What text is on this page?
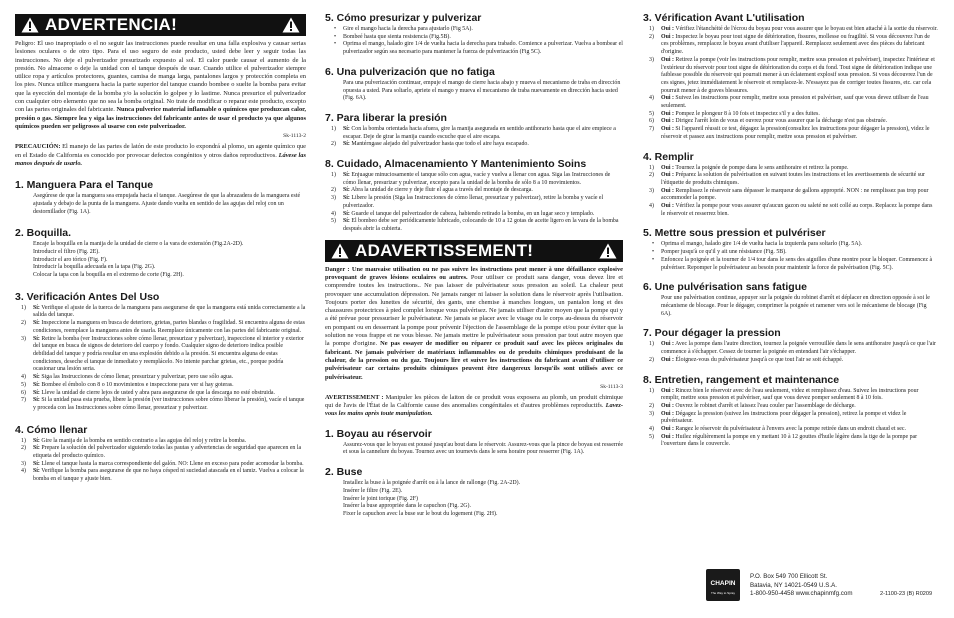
ADVERTENCIA!

Peligro: El uso inapropiado o el no seguir las instrucciones puede resultar en una falla explosiva y causar serias lesiones oculares o de otro tipo. Para el uso seguro de este producto, usted debe leer y seguir todas las instrucciones. No deje el pulverizador presurizado expuesto al sol. El calor puede causar el aumento de la presión. No almacene o deje la unidad con el tanque después de usar. Cuando utilice el pulverizador siempre utilice ropa y artículos protectores, guantes, camisa de manga larga, pantalones largos y protección completa en los pies. Nunca utilice manguera hacia la parte superior del tanque cuando bombee o suelte la bomba para evitar que la eyección del montaje de la bomba y/o la solución lo golpee y lo lastime. Nunca presurice el pulverizador con cualquier otro elemento que no sea la bomba original. No trate de modificar o reparar este producto, excepto con las partes originales del fabricante. Nunca pulverice material inflamable o químicos que produzcan calor, presión o gas. Siempre lea y siga las instrucciones del fabricante antes de usar el producto ya que algunos químicos pueden ser peligrosos al usarse con este pulverizador.

Sk-1113-2

PRECAUCIÓN: El manejo de las partes de latón de este producto lo expondrá al plomo, un agente químico que en el Estado de California es conocido por provocar defectos congénitos y otros daños reproductivos. Lávese las manos después de usarlo.

1. Manguera Para el Tanque

Asegúrese de que la manguera sea empujada hacia el tanque. Asegúrese de que la abrazadera de la manguera esté ajustada y debajo de la punta de la manguera. Ajuste dando vuelta en sentido de las agujas del reloj con un destornillador (Fig. 1A).

2. Boquilla.
Encaje la boquilla en la manija de la unidad de cierre o la vara de extensión (Fig.2A-2D).
Introducir el filtro (Fig. 2E).
Introducir el aro tórico (Fig. F).
Introducir la boquilla adecuada en la tapa (Fig. 2G).
Colocar la tapa con la boquilla en el extremo de corte (Fig. 2H).
3. Verificación Antes Del Uso
1) Sí: Verifique el ajuste de la tuerca de la manguera para asegurarse de que la manguera está unida correctamente a la salida del tanque.
2) Sí: Inspeccione la manguera en busca de deterioro, grietas, partes blandas o fragilidad. Si encuentra alguna de estas condiciones, reemplace la manguera antes de usarla. Reemplace únicamente con las partes del fabricante original.
3) Sí: Retire la bomba (ver Instrucciones sobre cómo llenar, presurizar y pulverizar), inspeccione el interior y exterior del tanque en busca de signos de deterioro del cuerpo y fondo. Cualquier signo de deterioro indica posible debilidad del tanque y podría resultar en una explosión debido a la presión. Si encuentra alguna de estas condiciones, deseche el tanque de inmediato y reemplácelo. No intente parchar grietas, etc., porque podría ocasionar una lesión seria.
4) Sí: Siga las Instrucciones de cómo llenar, presurizar y pulverizar, pero use sólo agua.
5) Sí: Bombee el émbolo con 8 o 10 movimientos e inspeccione para ver si hay goteras.
6) Sí: Lleve la unidad de cierre lejos de usted y abra para asegurarse de que la descarga no esté obstruida.
7) Sí: Si la unidad pasa esta prueba, libere la presión (ver instrucciones sobre cómo liberar la presión), vacíe el tanque y proceda con las Instrucciones sobre cómo llenar, presurizar y pulverizar.
4. Cómo llenar
1) Sí: Gire la manija de la bomba en sentido contrario a las agujas del reloj y retire la bomba.
2) Sí: Prepare la solución del pulverizador siguiendo todas las pautas y advertencias de seguridad que aparecen en la etiqueta del producto químico.
3) Sí: Llene el tanque hasta la marca correspondiente del galón. NO: Llene en exceso para poder acomodar la bomba.
4) Sí: Verifique la bomba para asegurarse de que no haya césped ni suciedad atascada en el tamiz. Vuelva a colocar la bomba en el tanque y ajuste bien.
5. Cómo presurizar y pulverizar
• Gire el mango hacia la derecha para ajustarlo (Fig 5A).
• Bombeé hasta que sienta resistencia (Fig.5B).
• Oprima el mango, halado gire 1/4 de vuelta hacia la derecha para trabado. Comience a pulverizar. Vuelva a bombear el pulverizador según sea necesario para mantener la fuerza de pulverización (Fig 5C).
6. Una pulverización que no fatiga

Para una pulverización continuar, empuje el mango de cierre hacia abajo y mueva el mecanismo de traba en dirección opuesta a usted. Para soltarlo, apriete el mango y mueva el mecanismo de traba nuevamente en dirección hacia usted (Fig. 6A).

7. Para liberar la presión
1) Sí: Con la bomba orientada hacia afuera, gire la manija asegurada en sentido antihorario hasta que el aire empiece a escapar. Deje de girar la manija cuando escuche que el aire escapa.
2) Sí: Mantérngase alejado del pulverizador hasta que todo el aire haya escapado.
8. Cuidado, Almacenamiento Y Mantenimiento Soins
1) Sí: Enjuague minuciosamente el tanque sólo con agua, vacíe y vuelva a llenar con agua. Siga las Instrucciones de cómo llenar, presurizar y pulverizar, excepto para la unidad de la bomba de sólo 8 a 10 movimientos.
2) Sí: Abra la unidad de cierre y deje fluir el agua a través del montaje de descarga.
3) Sí: Libere la presión (Siga las Instrucciones de cómo llenar, presurizar y pulverizar), retire la bomba y vacíe el pulverizador.
4) Sí: Guarde el tanque del pulverizador de cabeza, habiendo retirado la bomba, en un lugar seco y templado.
5) Sí: El bombeo debe ser periódicamente lubricado, colocando de 10 a 12 gotas de aceite ligero en la vara de la bomba después abrir la cubierta.
ADAVERTISSEMENT!

Danger : Une mauvaise utilisation ou ne pas suivre les instructions peut mener à une défaillance explosive provoquant de graves lésions oculaires ou autres. Pour utiliser ce produit sans danger, vous devez lire et comprendre toutes les instructions.. Ne pas laisser de pulvérisateur sous pression au soleil. La chaleur peut provoquer une accumulation dépression. Ne jamais ranger ni laisser la solution dans le réservoir après l'utilisation. Toujours porter des lunettes de sécurité, des gants, une chemise à manches longues, un pantalon long et des chaussures protectrices à pied complet lorsque vous pulvérisez. Ne jamais utiliser d'autre moyen que la pompe qui y a été prévue pour pressuriser le pulvérisateur. Ne jamais se placer avec le visage ou le corps au-dessus du réservoir en pompant ou en desserrant la pompe pour prévenir l'éjection de l'assemblage de la pompe et/ou pour éviter que la solution ne vous frappe et ne vous blesse. Ne jamais mettre le pulvérisateur sous pression par tout autre moyen que la pompe d'origine. Ne pas essayer de modifier ou réparer ce produit sauf avec les pièces originales du fabricant. Ne jamais pulvériser de matériaux inflammables ou de produits chimiques produisant de la chaleur, de la pression ou du gaz. Toujours lire et suivre les instructions du fabricant avant d'utiliser ce pulvérisateur car certains produits chimiques peuvent être dangereux lorsqu'ils sont utilisés avec ce pulvérisateur.

Sk-1113-3

AVERTISSEMENT : Manipuler les pièces de laiton de ce produit vous exposera au plomb, un produit chimique qui de l'avis de l'État de la Californie cause des anomalies congénitales et d'autres problèmes reproductifs. Lavez-vous les mains après toute manipulation.

1. Boyau au réservoir

Assurez-vous que le boyau est poussé jusqu'au bout dans le réservoir. Assurez-vous que la pince de boyau est resserrée et sous la cannelure du boyau. Tournez avec un tournevis dans le sens horaire pour resserrer (Fig. 1A).

2. Buse
Installez la buse à la poignée d'arrêt ou à la lance de rallonge (Fig. 2A-2D).
Insérer le filtre (Fig. 2E).
Insérer le joint torique (Fig. 2F)
Insérer la buse appropriée dans le capuchon (Fig. 2G).
Fixer le capuchon avec la buse sur le bout du logement (Fig. 2H).
3. Vérification Avant L'utilisation
1) Oui : Vérifiez l'étanchéité de l'écrou du boyau pour vous assurer que le boyau est bien attaché à la sortie du réservoir.
2) Oui : Inspectez le boyau pour tout signe de détérioration, fissures, mollesse ou fragilité. Si vous découvrez l'un de ces problèmes, remplacez le boyau avant d'utiliser l'appareil. Remplacez seulement avec des pièces du fabricant d'origine.
3) Oui : Retirez la pompe (voir les instructions pour remplir, mettre sous pression et pulvériser), inspectez l'intérieur et l'extérieur du réservoir pour tout signe de détérioration du corps et du fond. Tout signe de détérioration indique une faiblesse possible du réservoir qui pourrait mener à un éclatement explosif sous pression. Si vous découvrez l'un de ces signes, jetez immédiatement le réservoir et remplacez-le. N'essayez pas de corriger toutes fissures, etc. car cela pourrait mener à de graves blessures.
4) Oui : Suivez les instructions pour remplir, mettre sous pression et pulvériser, sauf que vous devez utiliser de l'eau seulement.
5) Oui : Pompez le plongeur 8 à 10 fois et inspectez s'il y a des fuites.
6) Oui : Dirigez l'arrêt loin de vous et ouvrez pour vous assurer que la décharge n'est pas obstruée.
7) Oui : Si l'appareil réussit ce test, dégagez la pression(consultez les instructions pour dégager la pression), videz le réservoir et passez aux instructions pour remplir, mettre sous pression et pulvériser.
4. Remplir
1) Oui : Tournez la poignée de pompe dans le sens antihoraire et retirez la pompe.
2) Oui : Préparez la solution de pulvérisation en suivant toutes les instructions et les avertissements de sécurité sur l'étiquette de produits chimiques.
3) Oui : Remplissez le réservoir sans dépasser le marqueur de gallons approprié. NON : ne remplissez pas trop pour accommoder la pompe.
4) Oui : Vérifiez la pompe pour vous assurer qu'aucun gazon ou saleté ne soit collé au corps. Replacez la pompe dans le réservoir et resserrez bien.
5. Mettre sous pression et pulvériser
• Oprima el mango, halado gire 1/4 de vuelta hacia la izquierda para soltarlo (Fig. 5A).
• Pomper jusqu'à ce qu'il y ait une résistance (Fig. 5B).
• Enfoncez la poignée et la tourner de 1/4 tour dans le sens des aiguilles d'une montre pour la bloquer. Commencez à pulvériser. Repomper le pulvérisateur au besoin pour maintenir la force de pulvérisation (Fig. 5C).
6. Une pulvérisation sans fatigue

Pour une pulvérisation continue, appuyer sur la poignée du robinet d'arrêt et déplacer en direction opposée à soi le mécanisme de blocage. Pour le dégager, comprimer la poignée et ramener vers soi le mécanisme de blocage (Fig 6A).

7. Pour dégager la pression
1) Oui : Avec la pompe dans l'autre direction, tournez la poignée verrouillée dans le sens antihoraire jusqu'à ce que l'air commence à s'échapper. Cessez de tourner la poignée en entendant l'air s'échapper.
2) Oui : Éloignez-vous du pulvérisateur jusqu'à ce que tout l'air se soit échappé.
8. Entretien, rangement et maintenance
1) Oui : Rincez bien le réservoir avec de l'eau seulement, videz et remplissez d'eau. Suivez les instructions pour remplir, mettre sous pression et pulvériser, sauf que vous devez pomper seulement 8 à 10 fois.
2) Oui : Ouvrez le robinet d'arrêt et laissez l'eau couler par l'assemblage de décharge.
3) Oui : Dégagez la pression (suivez les instructions pour dégager la pression), retirez la pompe et videz le pulvérisateur.
4) Oui : Rangez le réservoir du pulvérisateur à l'envers avec la pompe retirée dans un endroit chaud et sec.
5) Oui : Huilez régulièrement la pompe en y mettant 10 à 12 gouttes d'huile légère dans la tige de la pompe par l'ouverture dans le couvercle.
CHAPIN
The Way to Spray
P.O. Box 549 700 Ellicott St.
Batavia, NY 14021-0549 U.S.A.
1-800-950-4458 www.chapinmfg.com	2-1100-23 (B) R0209
